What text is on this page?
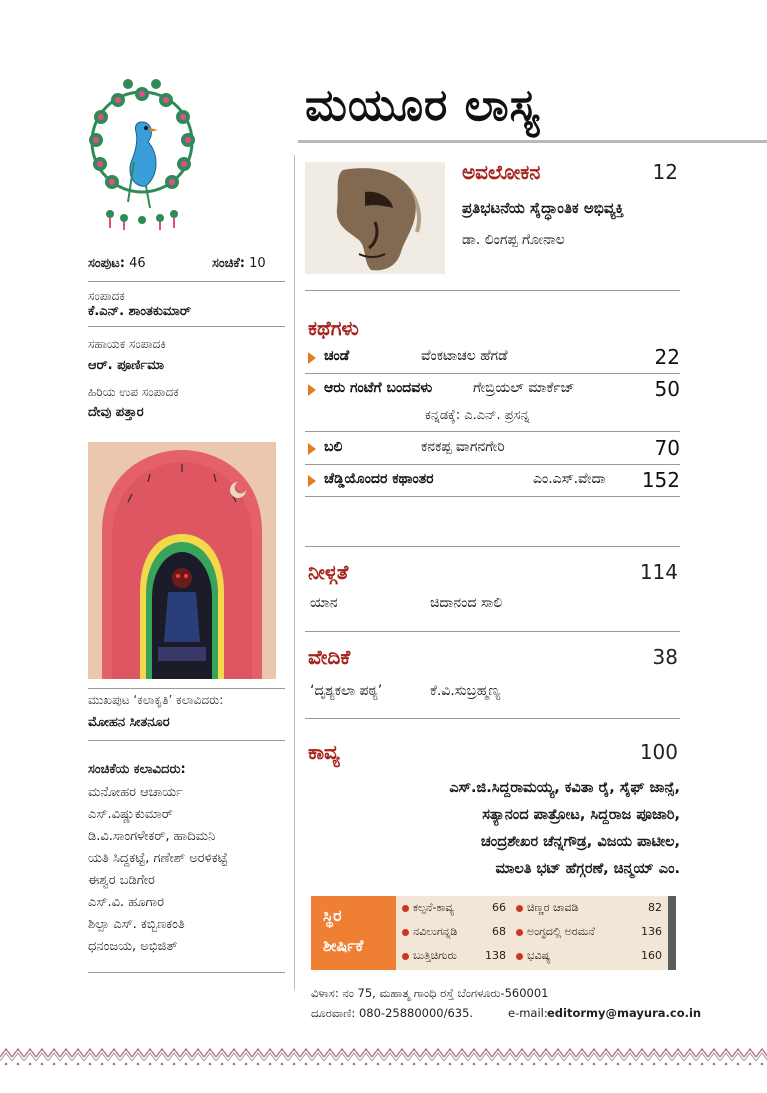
ಮಯೂರ ಲಾಸ್ಯ
ಸಂಪುಟ: 46	ಸಂಚಿಕೆ: 10
ಸಂಪಾದಕ
ಕೆ.ಎನ್. ಶಾಂತಕುಮಾರ್
ಸಹಾಯಕ ಸಂಪಾದಕಿ
ಆರ್. ಪೂರ್ಣಿಮಾ
ಹಿರಿಯ ಉಪ ಸಂಪಾದಕ
ದೇವು ಪತ್ತಾರ
ಮುಖಪುಟ ‘ಕಲಾಕೃತಿ’ ಕಲಾವಿದರು:
ಮೋಹನ ಸೀತನೂರ
ಸಂಚಿಕೆಯ ಕಲಾವಿದರು:
ಮನೋಹರ ಆಚಾರ್ಯ
ಎಸ್.ವಿಷ್ಣುಕುಮಾರ್
ಡಿ.ವಿ.ಸಾಂಗಳೇಕರ್, ಹಾದಿಮನಿ
ಯತಿ ಸಿದ್ದಕಟ್ಟೆ, ಗಣೇಶ್ ಅರಳಿಕಟ್ಟೆ
ಈಶ್ವರ ಬಡಿಗೇರ
ಎಸ್.ವಿ. ಹೂಗಾರ
ಶಿಲ್ಪಾ ಎಸ್. ಕಬ್ಬಿಣಕಂತಿ
ಧನಂಜಯ, ಅಭಿಜಿತ್
ಅವಲೋಕನ	12
ಪ್ರತಿಭಟನೆಯ ಸೈದ್ಧಾಂತಿಕ ಅಭಿವ್ಯಕ್ತಿ
ಡಾ. ಲಿಂಗಪ್ಪ ಗೋನಾಲ
ಕಥೆಗಳು
ಚಂಡೆ	ವೆಂಕಟಾಚಲ ಹೆಗಡೆ	22
ಆರು ಗಂಟೆಗೆ ಬಂದವಳು	ಗೇಬ್ರಿಯಲ್ ಮಾರ್ಕೆಜ್	50
ಕನ್ನಡಕ್ಕೆ: ಎ.ಎನ್. ಪ್ರಸನ್ನ
ಬಲಿ	ಕನಕಪ್ಪ ವಾಗನಗೇರಿ	70
ಚೆಡ್ಡಿಯೊಂದರ ಕಥಾಂತರ	ಎಂ.ಎಸ್.ವೇದಾ 152
ನೀಳ್ಗತೆ	114
ಯಾನ	ಚಿದಾನಂದ ಸಾಲಿ
ವೇದಿಕೆ	38
‘ದೃಶ್ಯಕಲಾ ಪಠ್ಯ’	ಕೆ.ವಿ.ಸುಬ್ರಹ್ಮಣ್ಯ
ಕಾವ್ಯ	100
ಎಸ್.ಜಿ.ಸಿದ್ದರಾಮಯ್ಯ, ಕವಿತಾ ರೈ, ಸೈಫ್ ಜಾನ್ಸೆ,
ಸತ್ಯಾನಂದ ಪಾತ್ರೋಟ, ಸಿದ್ದರಾಜ ಪೂಜಾರಿ,
ಚಂದ್ರಶೇಖರ ಚೆನ್ನಗೌಡ್ರ, ವಿಜಯ ಪಾಟೀಲ,
ಮಾಲತಿ ಭಟ್ ಹೆಗ್ಗರಣೆ, ಚಿನ್ಮಯ್ ಎಂ.
ಸ್ಥಿರ
ಶೀರ್ಷಿಕೆ
ಕಲ್ಪನೆ-ಕಾವ್ಯ	66	ಚಿಣ್ಣರ ಚಾವಡಿ	82
ನವಿಲುಗನ್ನಡಿ	68	ಅಂಗ್ಳದಲ್ಲಿ ಅರಮನೆ	136
ಬುತ್ತಿಚಿಗುರು	138	ಭವಿಷ್ಯ	160
ವಿಳಾಸ: ನಂ 75, ಮಹಾತ್ಮ ಗಾಂಧಿ ರಸ್ತೆ ಬೆಂಗಳೂರು-560001
ದೂರವಾಣಿ: 080-25880000/635.	e-mail: editormy@mayura.co.in
